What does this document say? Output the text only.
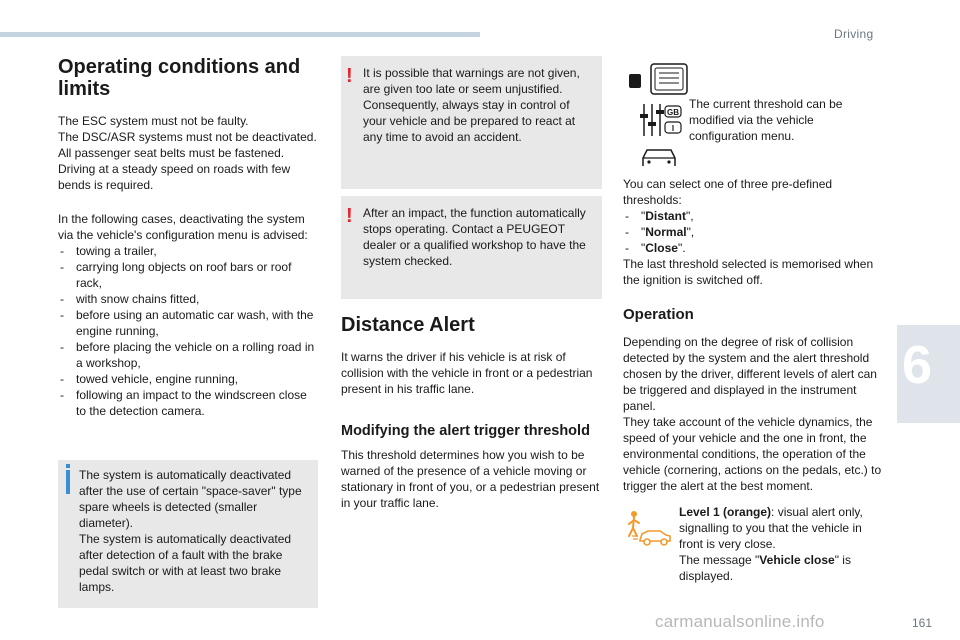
Driving
6
161
carmanualsonline.info
Operating conditions and limits

The ESC system must not be faulty.

The DSC/ASR systems must not be deactivated.

All passenger seat belts must be fastened.

Driving at a steady speed on roads with few bends is required.

In the following cases, deactivating the system via the vehicle's configuration menu is advised:
- towing a trailer,
- carrying long objects on roof bars or roof rack,
- with snow chains fitted,
- before using an automatic car wash, with the engine running,
- before placing the vehicle on a rolling road in a workshop,
- towed vehicle, engine running,
- following an impact to the windscreen close to the detection camera.

The system is automatically deactivated after the use of certain "space-saver" type spare wheels is detected (smaller diameter).

The system is automatically deactivated after detection of a fault with the brake pedal switch or with at least two brake lamps.

! It is possible that warnings are not given, are given too late or seem unjustified. Consequently, always stay in control of your vehicle and be prepared to react at any time to avoid an accident.
! After an impact, the function automatically stops operating. Contact a PEUGEOT dealer or a qualified workshop to have the system checked.
Distance Alert
It warns the driver if his vehicle is at risk of collision with the vehicle in front or a pedestrian present in his traffic lane.
Modifying the alert trigger threshold
This threshold determines how you wish to be warned of the presence of a vehicle moving or stationary in front of you, or a pedestrian present in your traffic lane.
GB
I
The current threshold can be modified via the vehicle configuration menu.
You can select one of three pre-defined thresholds:
- "Distant",
- "Normal",
- "Close".
The last threshold selected is memorised when the ignition is switched off.
Operation

Depending on the degree of risk of collision detected by the system and the alert threshold chosen by the driver, different levels of alert can be triggered and displayed in the instrument panel.

They take account of the vehicle dynamics, the speed of your vehicle and the one in front, the environmental conditions, the operation of the vehicle (cornering, actions on the pedals, etc.) to trigger the alert at the best moment.

Level 1 (orange): visual alert only, signalling to you that the vehicle in front is very close.

The message "Vehicle close" is displayed.
